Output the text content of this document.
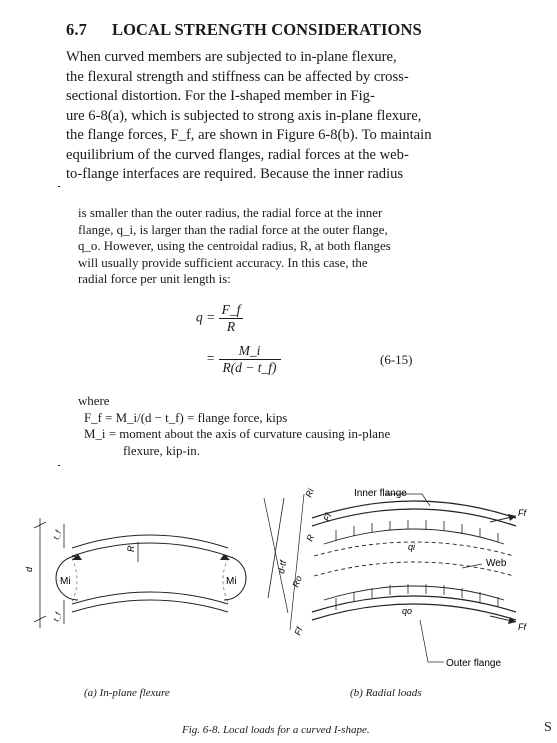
6.7 LOCAL STRENGTH CONSIDERATIONS
When curved members are subjected to in-plane flexure,
the flexural strength and stiffness can be affected by cross-
sectional distortion. For the I-shaped member in Fig-
ure 6-8(a), which is subjected to strong axis in-plane flexure,
the flange forces, F_f, are shown in Figure 6-8(b). To maintain
equilibrium of the curved flanges, radial forces at the web-
to-flange interfaces are required. Because the inner radius
is smaller than the outer radius, the radial force at the inner
flange, q_i, is larger than the radial force at the outer flange,
q_o. However, using the centroidal radius, R, at both flanges
will usually provide sufficient accuracy. In this case, the
radial force per unit length is:
$q = \frac{F\_f}{R}$
= $\frac{M\_i}{R(d - t\_f)}$	(6-15)
where
F_f = M_i/(d − t_f) = flange force, kips
M_i = moment about the axis of curvature causing in-plane
flexure, kip-in.
d
t_f
t_f
R
Mi	Mi
Ri
Ff
R
d-tf
Ro
Ff
Inner flange
Web
Outer flange
qi
qo
Ff
Ff
(a) In-plane flexure	(b) Radial loads
Fig. 6-8. Local loads for a curved I-shape.	S
